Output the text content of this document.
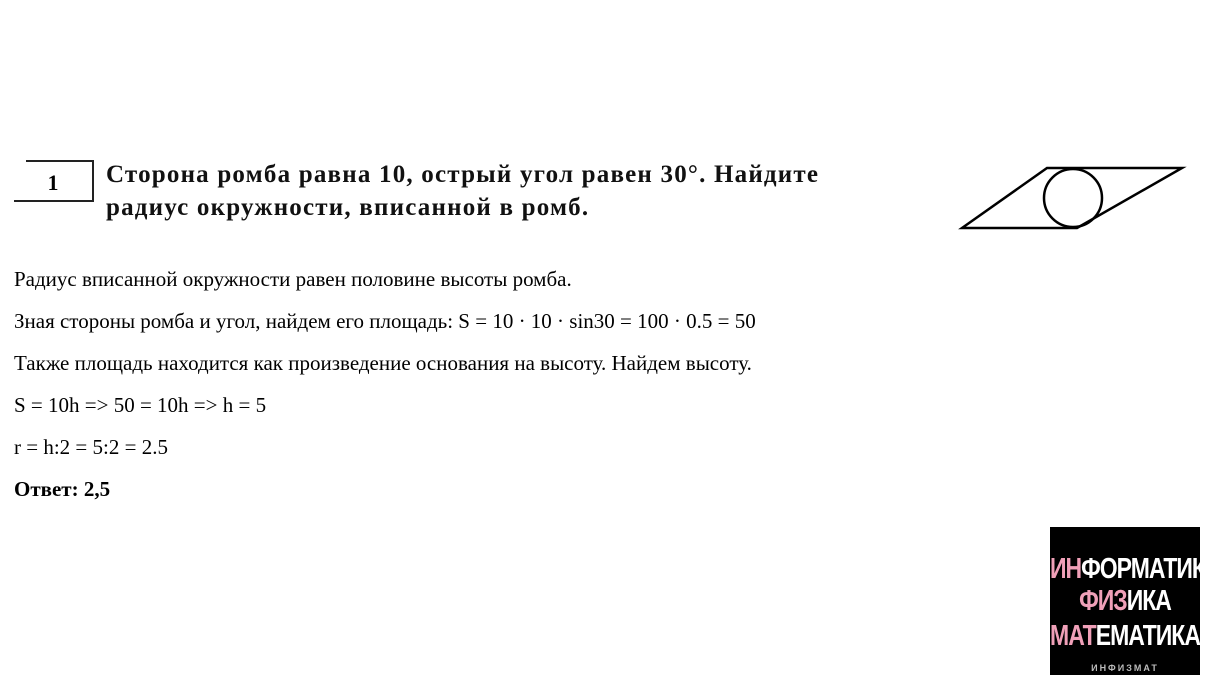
1	Сторона ромба равна 10, острый угол равен 30°. Найдите
радиус окружности, вписанной в ромб.

Радиус вписанной окружности равен половине высоты ромба.

Зная стороны ромба и угол, найдем его площадь: S = 10 · 10 · sin30 = 100 · 0.5 = 50

Также площадь находится как произведение основания на высоту. Найдем высоту.

S = 10h => 50 = 10h => h = 5

r = h:2 = 5:2 = 2.5

Ответ: 2,5

ИНФОРМАТИКА
ФИЗИКА
МАТЕМАТИКА
ИНФИЗМАТ
